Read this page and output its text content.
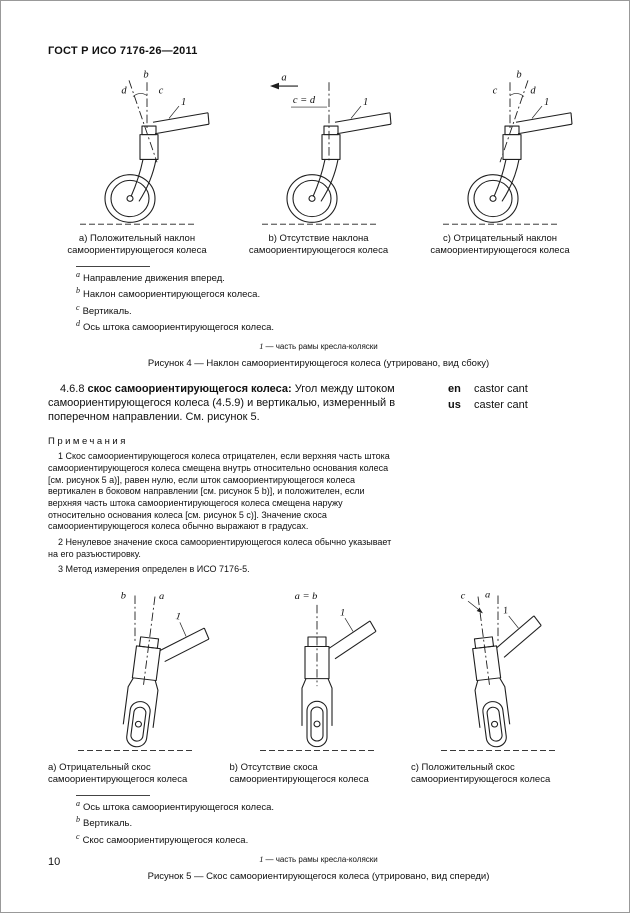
ГОСТ Р ИСО 7176-26—2011
b
d	c
1
a
c = d	1
b
c	d
1
a) Положительный наклон самоориентирующегося колеса
b) Отсутствие наклона самоориентирующегося колеса
c) Отрицательный наклон самоориентирующегося колеса
$^a$ Направление движения вперед.
$^b$ Наклон самоориентирующегося колеса.
$^c$ Вертикаль.
$^d$ Ось штока самоориентирующегося колеса.
1 — часть рамы кресла-коляски
Рисунок 4 — Наклон самоориентирующегося колеса (утрировано, вид сбоку)

4.6.8 скос самоориентирующегося колеса: Угол между штоком самоориентирующегося колеса (4.5.9) и вертикалью, измеренный в поперечном направлении. См. рисунок 5.

en	castor cant
us	caster cant
Примечания

1 Скос самоориентирующегося колеса отрицателен, если верхняя часть штока самоориентирующегося колеса смещена внутрь относительно основания колеса [см. рисунок 5 а)], равен нулю, если шток самоориентирующегося колеса вертикален в боковом направлении [см. рисунок 5 b)], и положителен, если верхняя часть штока самоориентирующегося колеса смещена наружу относительно основания колеса [см. рисунок 5 с)]. Значение скоса самоориентирующегося колеса обычно выражают в градусах.

2 Ненулевое значение скоса самоориентирующегося колеса обычно указывает на его разъюстировку.

3 Метод измерения определен в ИСО 7176-5.

1
b	a
1
a = b
1
c a
a) Отрицательный скос самоориентирующегося колеса
b) Отсутствие скоса самоориентирующегося колеса
c) Положительный скос самоориентирующегося колеса
$^a$ Ось штока самоориентирующегося колеса.
$^b$ Вертикаль.
$^c$ Скос самоориентирующегося колеса.
1 — часть рамы кресла-коляски
Рисунок 5 — Скос самоориентирующегося колеса (утрировано, вид спереди)
10
